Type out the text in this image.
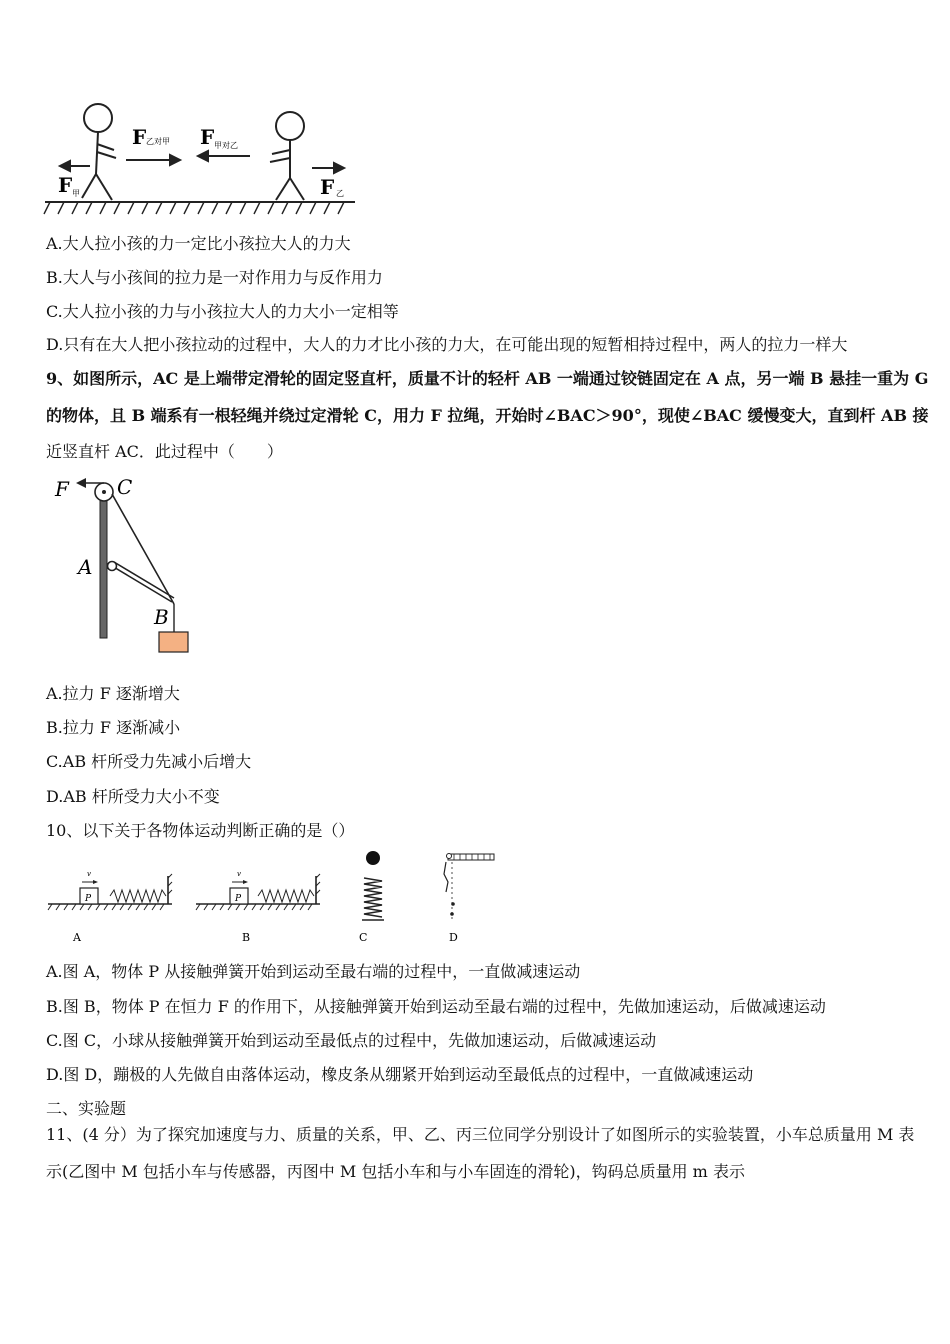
F 甲
F 乙对甲 F 甲对乙
F 乙
A.大人拉小孩的力一定比小孩拉大人的力大
B.大人与小孩间的拉力是一对作用力与反作用力
C.大人拉小孩的力与小孩拉大人的力大小一定相等
D.只有在大人把小孩拉动的过程中，大人的力才比小孩的力大，在可能出现的短暂相持过程中，两人的拉力一样大
9、如图所示，AC 是上端带定滑轮的固定竖直杆，质量不计的轻杆 AB 一端通过铰链固定在 A 点，另一端 B 悬挂一重为 G
的物体，且 B 端系有一根轻绳并绕过定滑轮 C，用力 F 拉绳，开始时∠BAC＞90°，现使∠BAC 缓慢变大，直到杆 AB 接
近竖直杆 AC．此过程中（　　）
F C
A
B
A.拉力 F 逐渐增大
B.拉力 F 逐渐减小
C.AB 杆所受力先减小后增大
D.AB 杆所受力大小不变
10、以下关于各物体运动判断正确的是（）
P
v
A
P
v
B	C	D
A.图 A，物体 P 从接触弹簧开始到运动至最右端的过程中，一直做减速运动
B.图 B，物体 P 在恒力 F 的作用下，从接触弹簧开始到运动至最右端的过程中，先做加速运动，后做减速运动
C.图 C，小球从接触弹簧开始到运动至最低点的过程中，先做加速运动，后做减速运动
D.图 D，蹦极的人先做自由落体运动，橡皮条从绷紧开始到运动至最低点的过程中，一直做减速运动
二、实验题
11、(4 分）为了探究加速度与力、质量的关系，甲、乙、丙三位同学分别设计了如图所示的实验装置，小车总质量用 M 表
示(乙图中 M 包括小车与传感器，丙图中 M 包括小车和与小车固连的滑轮)，钩码总质量用 m 表示
